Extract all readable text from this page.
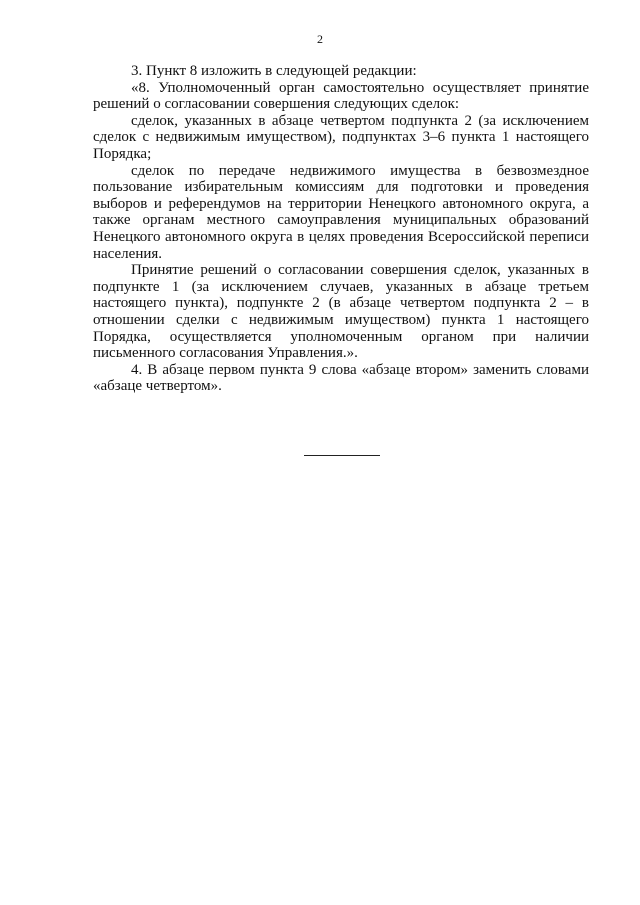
2

3. Пункт 8 изложить в следующей редакции:

«8. Уполномоченный орган самостоятельно осуществляет принятие решений о согласовании совершения следующих сделок:

сделок, указанных в абзаце четвертом подпункта 2 (за исключением сделок с недвижимым имуществом), подпунктах 3–6 пункта 1 настоящего Порядка;

сделок по передаче недвижимого имущества в безвозмездное пользование избирательным комиссиям для подготовки и проведения выборов и референдумов на территории Ненецкого автономного округа, а также органам местного самоуправления муниципальных образований Ненецкого автономного округа в целях проведения Всероссийской переписи населения.

Принятие решений о согласовании совершения сделок, указанных в подпункте 1 (за исключением случаев, указанных в абзаце третьем настоящего пункта), подпункте 2 (в абзаце четвертом подпункта 2 – в отношении сделки с недвижимым имуществом) пункта 1 настоящего Порядка, осуществляется уполномоченным органом при наличии письменного согласования Управления.».

4. В абзаце первом пункта 9 слова «абзаце втором» заменить словами «абзаце четвертом».
